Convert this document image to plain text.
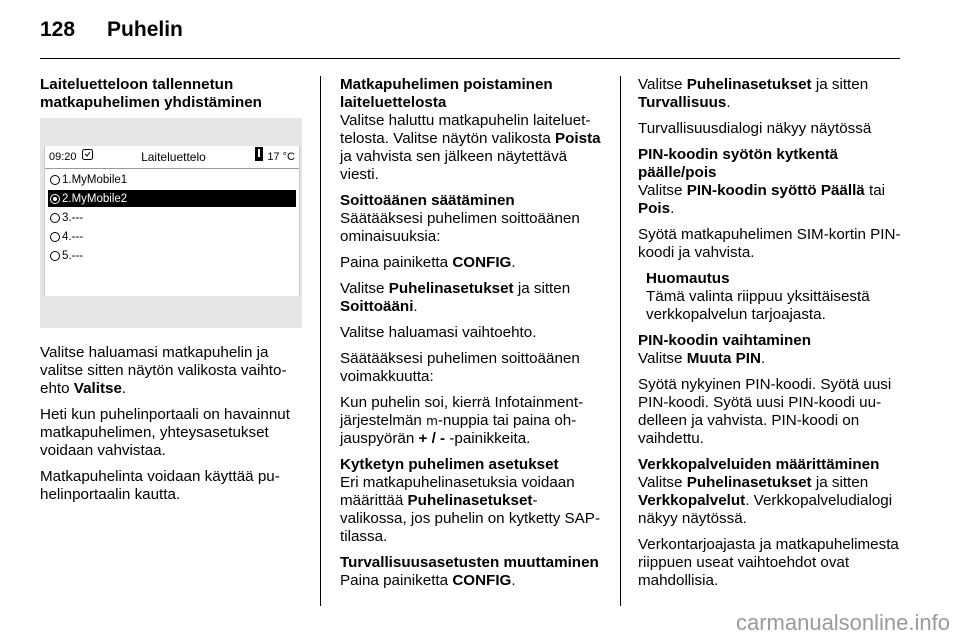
128 Puhelin
Laiteluetteloon tallennetun matkapuhelimen yhdistäminen
09:20	Laiteluettelo	17 °C
1.MyMobile1
2.MyMobile2
3.---
4.---
5.---

Valitse haluamasi matkapuhelin ja valitse sitten näytön valikosta vaihtoehto Valitse.

Heti kun puhelinportaali on havainnut matkapuhelimen, yhteysasetukset voidaan vahvistaa.

Matkapuhelinta voidaan käyttää puhelinportaalin kautta.

Matkapuhelimen poistaminen laiteluettelosta

Valitse haluttu matkapuhelin laiteluettelosta. Valitse näytön valikosta Poista ja vahvista sen jälkeen näytettävä viesti.

Soittoäänen säätäminen

Säätääksesi puhelimen soittoäänen ominaisuuksia:

Paina painiketta CONFIG.

Valitse Puhelinasetukset ja sitten Soittoääni.

Valitse haluamasi vaihtoehto.

Säätääksesi puhelimen soittoäänen voimakkuutta:

Kun puhelin soi, kierrä Infotainmentjärjestelmän m-nuppia tai paina ohjauspyörän + / - -painikkeita.

Kytketyn puhelimen asetukset

Eri matkapuhelinasetuksia voidaan määrittää Puhelinasetukset-valikossa, jos puhelin on kytketty SAP-tilassa.

Turvallisuusasetusten muuttaminen

Paina painiketta CONFIG.

Valitse Puhelinasetukset ja sitten Turvallisuus.

Turvallisuusdialogi näkyy näytössä

PIN-koodin syötön kytkentä päälle/pois

Valitse PIN-koodin syöttö Päällä tai Pois.

Syötä matkapuhelimen SIM-kortin PIN-koodi ja vahvista.

Huomautus
Tämä valinta riippuu yksittäisestä verkkopalvelun tarjoajasta.
PIN-koodin vaihtaminen

Valitse Muuta PIN.

Syötä nykyinen PIN-koodi. Syötä uusi PIN-koodi. Syötä uusi PIN-koodi uudelleen ja vahvista. PIN-koodi on vaihdettu.

Verkkopalveluiden määrittäminen

Valitse Puhelinasetukset ja sitten Verkkopalvelut. Verkkopalveludialogi näkyy näytössä.

Verkontarjoajasta ja matkapuhelimesta riippuen useat vaihtoehdot ovat mahdollisia.

carmanualsonline.info
